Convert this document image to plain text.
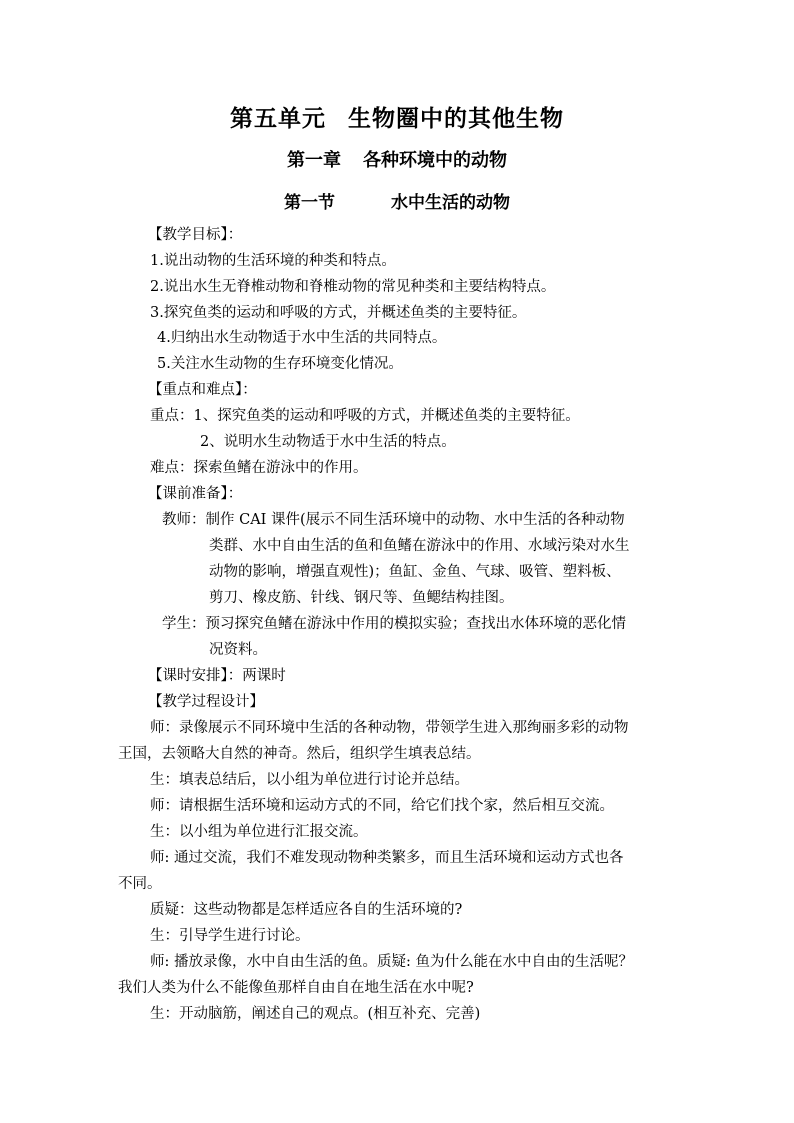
第五单元 生物圈中的其他生物
第一章 各种环境中的动物
第一节	水中生活的动物
【教学目标】：
1.说出动物的生活环境的种类和特点。
2.说出水生无脊椎动物和脊椎动物的常见种类和主要结构特点。
3.探究鱼类的运动和呼吸的方式，并概述鱼类的主要特征。
4.归纳出水生动物适于水中生活的共同特点。
5.关注水生动物的生存环境变化情况。
【重点和难点】：
重点：1、探究鱼类的运动和呼吸的方式，并概述鱼类的主要特征。
2、说明水生动物适于水中生活的特点。
难点：探索鱼鳍在游泳中的作用。
【课前准备】：
教师：制作 CAI 课件(展示不同生活环境中的动物、水中生活的各种动物
类群、水中自由生活的鱼和鱼鳍在游泳中的作用、水域污染对水生
动物的影响，增强直观性)；鱼缸、金鱼、气球、吸管、塑料板、
剪刀、橡皮筋、针线、钢尺等、鱼鳃结构挂图。
学生：预习探究鱼鳍在游泳中作用的模拟实验；查找出水体环境的恶化情
况资料。
【课时安排】：两课时
【教学过程设计】
师：录像展示不同环境中生活的各种动物，带领学生进入那绚丽多彩的动物
王国，去领略大自然的神奇。然后，组织学生填表总结。
生：填表总结后，以小组为单位进行讨论并总结。
师：请根据生活环境和运动方式的不同，给它们找个家，然后相互交流。
生：以小组为单位进行汇报交流。
师: 通过交流，我们不难发现动物种类繁多，而且生活环境和运动方式也各
不同。
质疑：这些动物都是怎样适应各自的生活环境的?
生：引导学生进行讨论。
师: 播放录像，水中自由生活的鱼。质疑: 鱼为什么能在水中自由的生活呢？
我们人类为什么不能像鱼那样自由自在地生活在水中呢?
生：开动脑筋，阐述自己的观点。(相互补充、完善)
